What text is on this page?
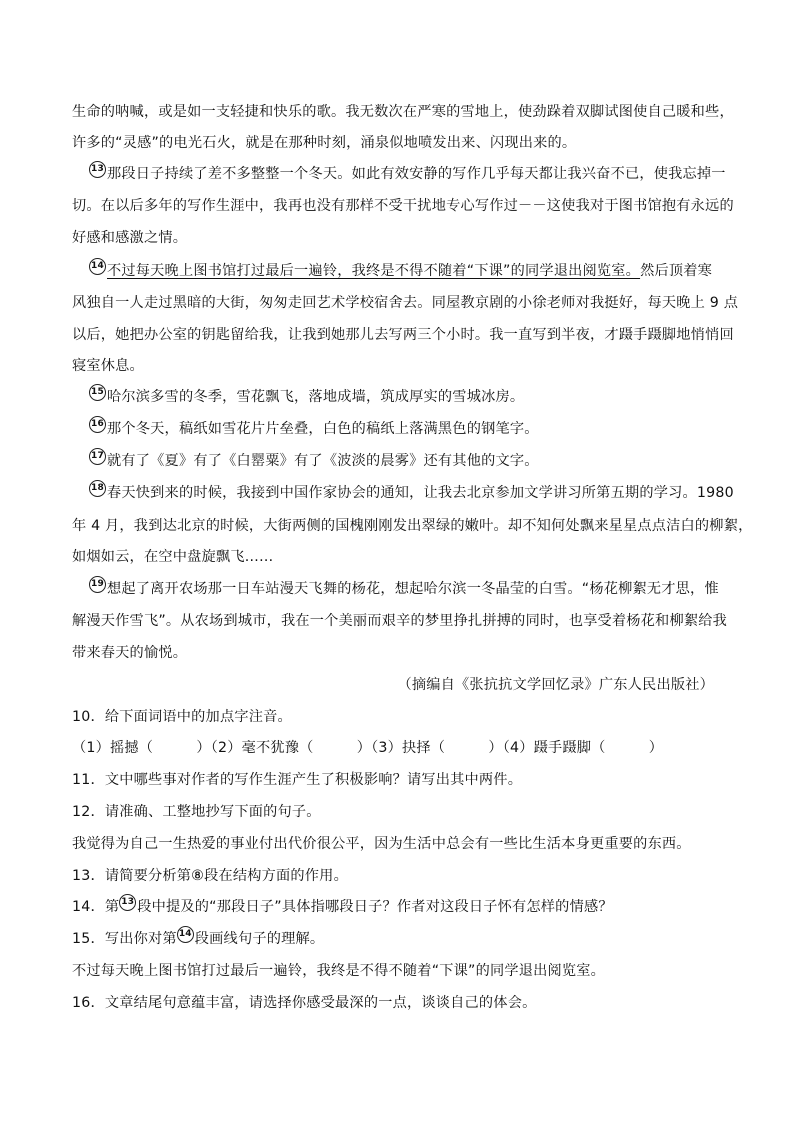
生命的呐喊，或是如一支轻捷和快乐的歌。我无数次在严寒的雪地上，使劲跺着双脚试图使自己暖和些，
许多的“灵感”的电光石火，就是在那种时刻，涌泉似地喷发出来、闪现出来的。
13 那段日子持续了差不多整整一个冬天。如此有效安静的写作几乎每天都让我兴奋不已，使我忘掉一
切。在以后多年的写作生涯中，我再也没有那样不受干扰地专心写作过－－这使我对于图书馆抱有永远的
好感和感激之情。
14 不过每天晚上图书馆打过最后一遍铃，我终是不得不随着“下课”的同学退出阅览室。然后顶着寒
风独自一人走过黑暗的大街，匆匆走回艺术学校宿舍去。同屋教京剧的小徐老师对我挺好，每天晚上 9 点
以后，她把办公室的钥匙留给我，让我到她那儿去写两三个小时。我一直写到半夜，才蹑手蹑脚地悄悄回
寝室休息。
15 哈尔滨多雪的冬季，雪花飘飞，落地成墙，筑成厚实的雪城冰房。
16 那个冬天，稿纸如雪花片片垒叠，白色的稿纸上落满黑色的钢笔字。
17 就有了《夏》有了《白罂粟》有了《波淡的晨雾》还有其他的文字。
18 春天快到来的时候，我接到中国作家协会的通知，让我去北京参加文学讲习所第五期的学习。1980
年 4 月，我到达北京的时候，大街两侧的国槐刚刚发出翠绿的嫩叶。却不知何处飘来星星点点洁白的柳絮，
如烟如云，在空中盘旋飘飞……
19 想起了离开农场那一日车站漫天飞舞的杨花，想起哈尔滨一冬晶莹的白雪。“杨花柳絮无才思，惟
解漫天作雪飞”。从农场到城市，我在一个美丽而艰辛的梦里挣扎拼搏的同时，也享受着杨花和柳絮给我
带来春天的愉悦。
（摘编自《张抗抗文学回忆录》广东人民出版社）
10．给下面词语中的加点字注音。
（1）摇撼（　　　）（2）毫不犹豫（　　　）（3）抉择（　　　）（4）蹑手蹑脚（　　　）
11．文中哪些事对作者的写作生涯产生了积极影响？请写出其中两件。
12．请准确、工整地抄写下面的句子。
我觉得为自己一生热爱的事业付出代价很公平，因为生活中总会有一些比生活本身更重要的东西。
13．请简要分析第⑧段在结构方面的作用。
14．第 13 段中提及的“那段日子”具体指哪段日子？作者对这段日子怀有怎样的情感？
15．写出你对第 14 段画线句子的理解。
不过每天晚上图书馆打过最后一遍铃，我终是不得不随着“下课”的同学退出阅览室。
16．文章结尾句意蕴丰富，请选择你感受最深的一点，谈谈自己的体会。
